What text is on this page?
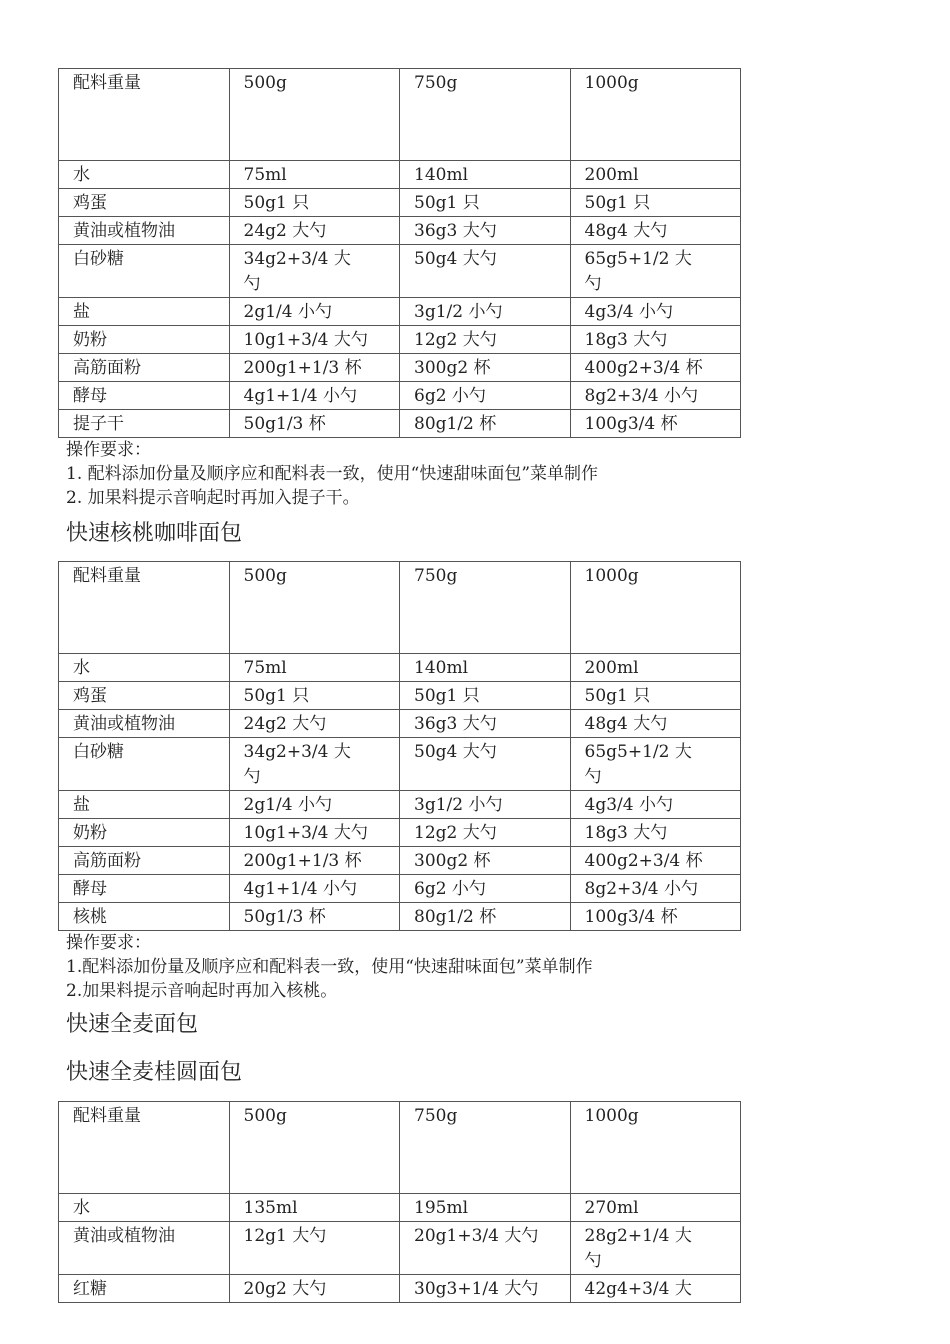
配料重量	500g	750g	1000g
水	75ml	140ml	200ml
鸡蛋	50g1 只	50g1 只	50g1 只
黄油或植物油	24g2 大勺	36g3 大勺	48g4 大勺
白砂糖	34g2+3/4 大勺	50g4 大勺	65g5+1/2 大勺

盐	2g1/4 小勺	3g1/2 小勺	4g3/4 小勺
奶粉	10g1+3/4 大勺	12g2 大勺	18g3 大勺
高筋面粉	200g1+1/3 杯	300g2 杯	400g2+3/4 杯
酵母	4g1+1/4 小勺	6g2 小勺	8g2+3/4 小勺
提子干	50g1/3 杯	80g1/2 杯	100g3/4 杯
操作要求：
1. 配料添加份量及顺序应和配料表一致，使用“快速甜味面包”菜单制作
2. 加果料提示音响起时再加入提子干。
快速核桃咖啡面包
配料重量	500g	750g	1000g
水	75ml	140ml	200ml
鸡蛋	50g1 只	50g1 只	50g1 只
黄油或植物油	24g2 大勺	36g3 大勺	48g4 大勺
白砂糖	34g2+3/4 大勺	50g4 大勺	65g5+1/2 大勺

盐	2g1/4 小勺	3g1/2 小勺	4g3/4 小勺
奶粉	10g1+3/4 大勺	12g2 大勺	18g3 大勺
高筋面粉	200g1+1/3 杯	300g2 杯	400g2+3/4 杯
酵母	4g1+1/4 小勺	6g2 小勺	8g2+3/4 小勺
核桃	50g1/3 杯	80g1/2 杯	100g3/4 杯
操作要求：
1.配料添加份量及顺序应和配料表一致，使用“快速甜味面包”菜单制作
2.加果料提示音响起时再加入核桃。
快速全麦面包
快速全麦桂圆面包
配料重量	500g	750g	1000g
水	135ml	195ml	270ml
黄油或植物油	12g1 大勺	20g1+3/4 大勺	28g2+1/4 大勺

红糖	20g2 大勺	30g3+1/4 大勺	42g4+3/4 大
